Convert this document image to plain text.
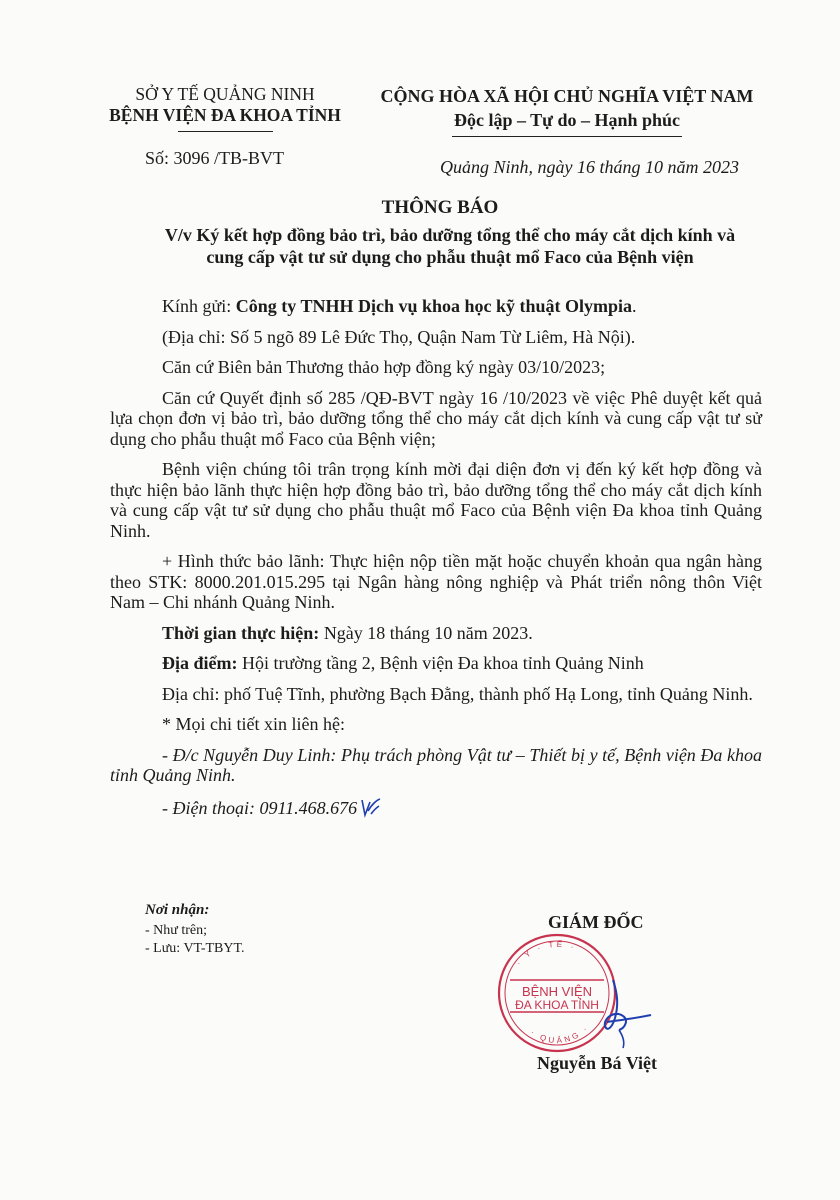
SỞ Y TẾ QUẢNG NINH
BỆNH VIỆN ĐA KHOA TỈNH
CỘNG HÒA XÃ HỘI CHỦ NGHĨA VIỆT NAM
Độc lập – Tự do – Hạnh phúc
Số: 3096 /TB-BVT	Quảng Ninh, ngày 16 tháng 10 năm 2023
THÔNG BÁO
V/v Ký kết hợp đồng bảo trì, bảo dưỡng tổng thể cho máy cắt dịch kính và
cung cấp vật tư sử dụng cho phẫu thuật mổ Faco của Bệnh viện

Kính gửi: Công ty TNHH Dịch vụ khoa học kỹ thuật Olympia.

(Địa chỉ: Số 5 ngõ 89 Lê Đức Thọ, Quận Nam Từ Liêm, Hà Nội).

Căn cứ Biên bản Thương thảo hợp đồng ký ngày 03/10/2023;

Căn cứ Quyết định số 285 /QĐ-BVT ngày 16 /10/2023 về việc Phê duyệt kết quả lựa chọn đơn vị bảo trì, bảo dưỡng tổng thể cho máy cắt dịch kính và cung cấp vật tư sử dụng cho phẫu thuật mổ Faco của Bệnh viện;

Bệnh viện chúng tôi trân trọng kính mời đại diện đơn vị đến ký kết hợp đồng và thực hiện bảo lãnh thực hiện hợp đồng bảo trì, bảo dưỡng tổng thể cho máy cắt dịch kính và cung cấp vật tư sử dụng cho phẫu thuật mổ Faco của Bệnh viện Đa khoa tỉnh Quảng Ninh.

+ Hình thức bảo lãnh: Thực hiện nộp tiền mặt hoặc chuyển khoản qua ngân hàng theo STK: 8000.201.015.295 tại Ngân hàng nông nghiệp và Phát triển nông thôn Việt Nam – Chi nhánh Quảng Ninh.

Thời gian thực hiện: Ngày 18 tháng 10 năm 2023.

Địa điểm: Hội trường tầng 2, Bệnh viện Đa khoa tỉnh Quảng Ninh

Địa chỉ: phố Tuệ Tĩnh, phường Bạch Đằng, thành phố Hạ Long, tỉnh Quảng Ninh.

* Mọi chi tiết xin liên hệ:

- Đ/c Nguyễn Duy Linh: Phụ trách phòng Vật tư – Thiết bị y tế, Bệnh viện Đa khoa tỉnh Quảng Ninh.

- Điện thoại: 0911.468.676

Nơi nhận:
- Như trên;
- Lưu: VT-TBYT.
GIÁM ĐỐC
· Y · TẾ ·
· QUẢNG ·
BỆNH VIỆN
ĐA KHOA TỈNH
Nguyễn Bá Việt
